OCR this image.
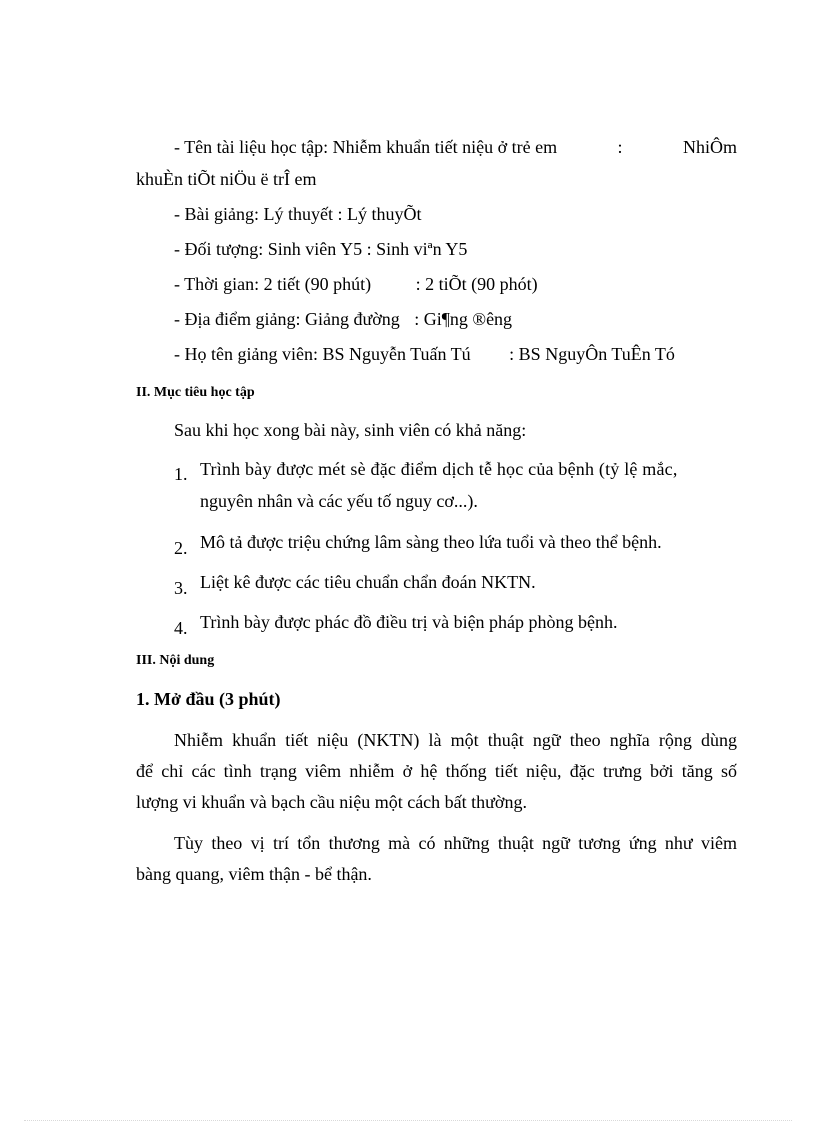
- Tên tài liệu học tập: Nhiễm khuẩn tiết niệu ở trẻ em	:	NhiÔm
khuÈn tiÕt niÖu ë trÎ em
- Bài giảng: Lý thuyết : Lý thuyÕt
- Đối tượng: Sinh viên Y5 : Sinh viªn Y5
- Thời gian: 2 tiết (90 phút) : 2 tiÕt (90 phót)
- Địa điểm giảng: Giảng đường : Gi¶ng ®êng
- Họ tên giảng viên: BS Nguyễn Tuấn Tú : BS NguyÔn TuÊn Tó
II. Mục tiêu học tập
Sau khi học xong bài này, sinh viên có khả năng:
1. Trình bày được mét sè đặc điểm dịch tễ học của bệnh (tỷ lệ mắc,
nguyên nhân và các yếu tố nguy cơ...).
2. Mô tả được triệu chứng lâm sàng theo lứa tuổi và theo thể bệnh.
3. Liệt kê được các tiêu chuẩn chẩn đoán NKTN.
4. Trình bày được phác đồ điều trị và biện pháp phòng bệnh.
III. Nội dung
1. Mở đầu (3 phút)
Nhiễm khuẩn tiết niệu (NKTN) là một thuật ngữ theo nghĩa rộng dùng
để chỉ các tình trạng viêm nhiễm ở hệ thống tiết niệu, đặc trưng bởi tăng số
lượng vi khuẩn và bạch cầu niệu một cách bất thường.
Tùy theo vị trí tổn thương mà có những thuật ngữ tương ứng như viêm
bàng quang, viêm thận - bể thận.
